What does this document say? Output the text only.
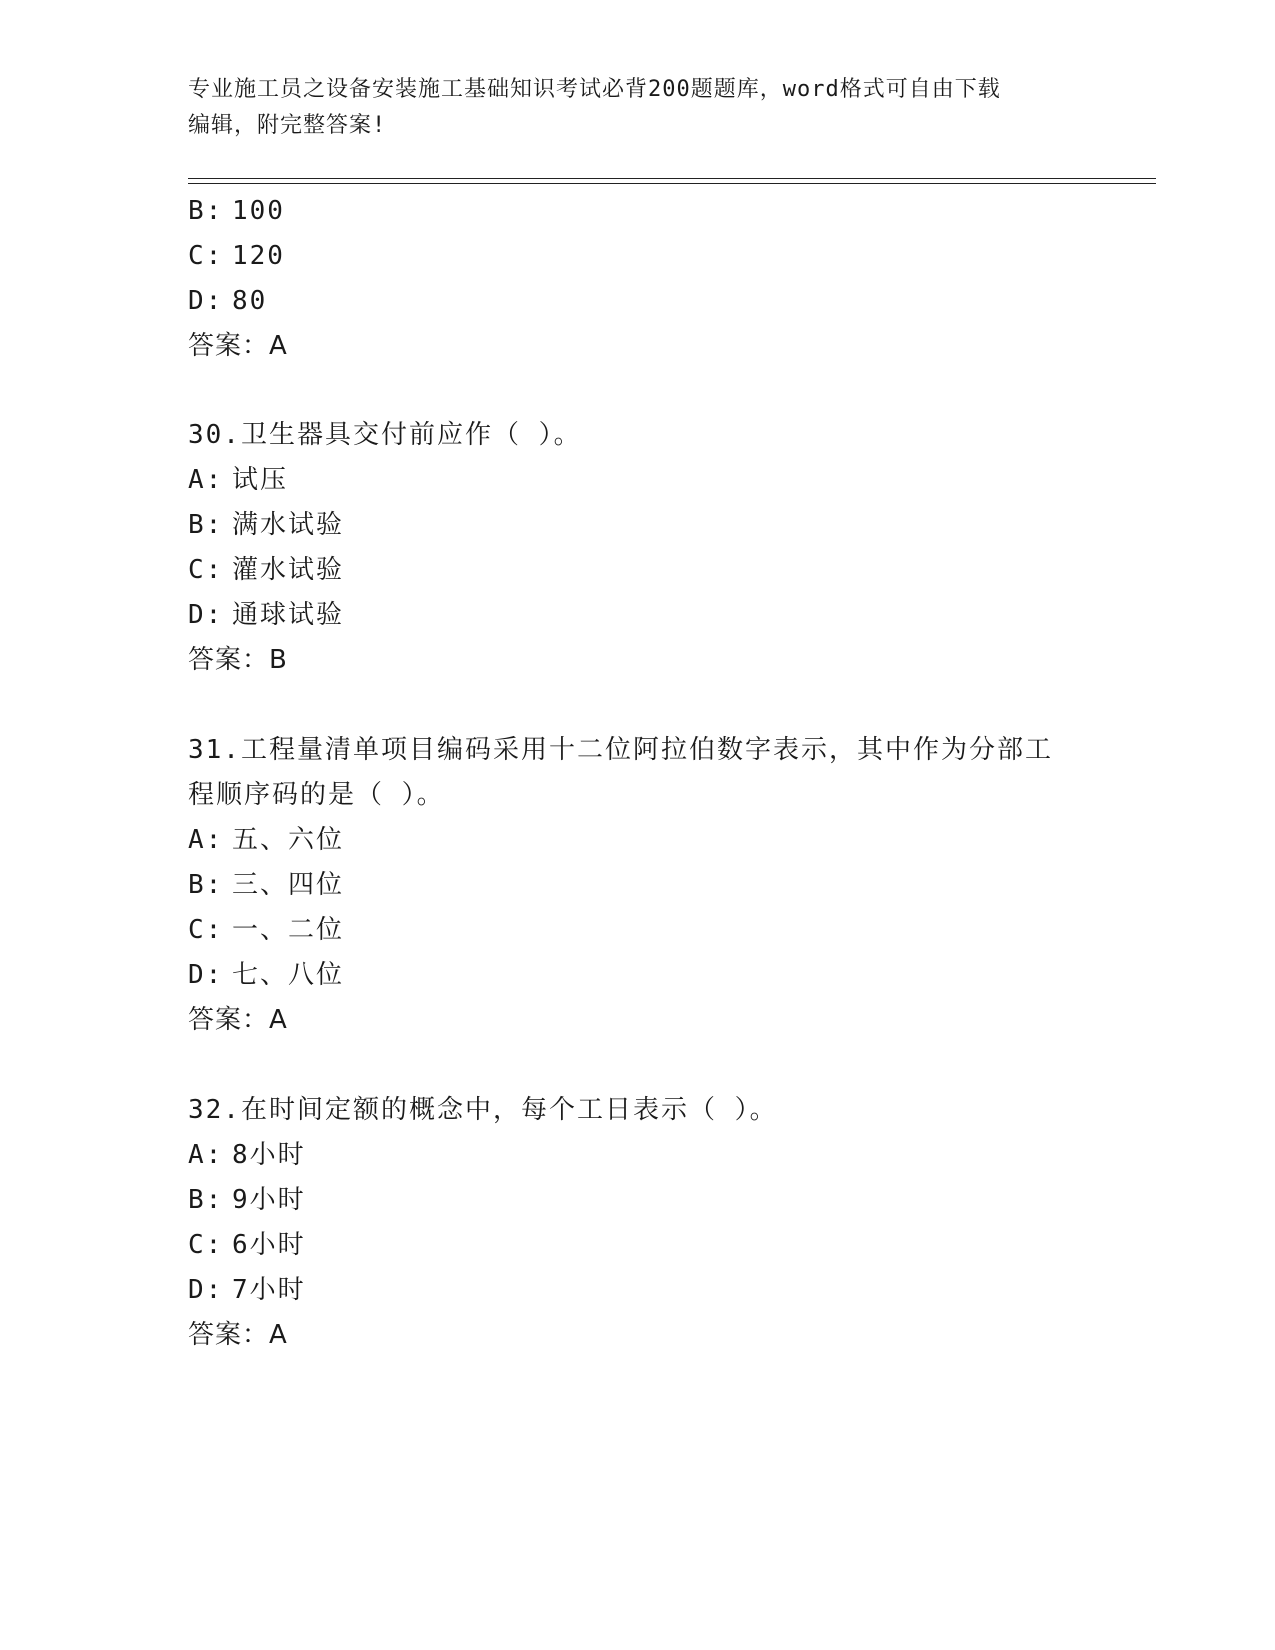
专业施工员之设备安装施工基础知识考试必背200题题库，word格式可自由下载
编辑，附完整答案!
B: 100
C: 120
D: 80
答案：A
30.卫生器具交付前应作（ ）。
A: 试压
B: 满水试验
C: 灌水试验
D: 通球试验
答案：B
31.工程量清单项目编码采用十二位阿拉伯数字表示，其中作为分部工
程顺序码的是（ ）。
A: 五、六位
B: 三、四位
C: 一、二位
D: 七、八位
答案：A
32.在时间定额的概念中，每个工日表示（ ）。
A: 8小时
B: 9小时
C: 6小时
D: 7小时
答案：A
